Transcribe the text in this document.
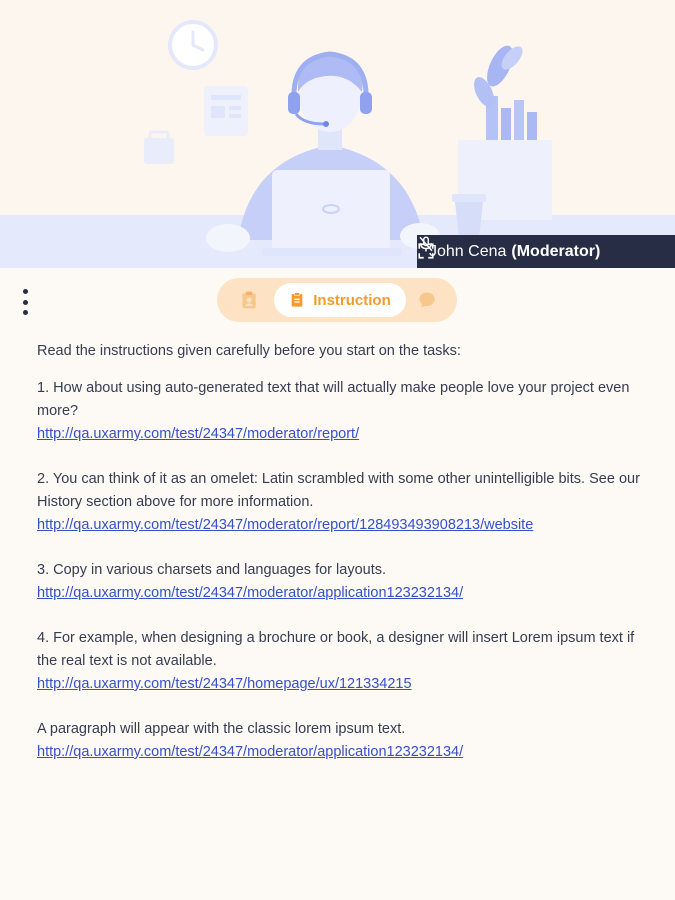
John Cena (Moderator)
Instruction

Read the instructions given carefully before you start on the tasks:

1. How about using auto-generated text that will actually make people love your project even more?

http://qa.uxarmy.com/test/24347/moderator/report/

2. You can think of it as an omelet: Latin scrambled with some other unintelligible bits. See our History section above for more information.

http://qa.uxarmy.com/test/24347/moderator/report/128493493908213/website

3. Copy in various charsets and languages for layouts.

http://qa.uxarmy.com/test/24347/moderator/application123232134/

4. For example, when designing a brochure or book, a designer will insert Lorem ipsum text if the real text is not available.

http://qa.uxarmy.com/test/24347/homepage/ux/121334215

A paragraph will appear with the classic lorem ipsum text.

http://qa.uxarmy.com/test/24347/moderator/application123232134/
